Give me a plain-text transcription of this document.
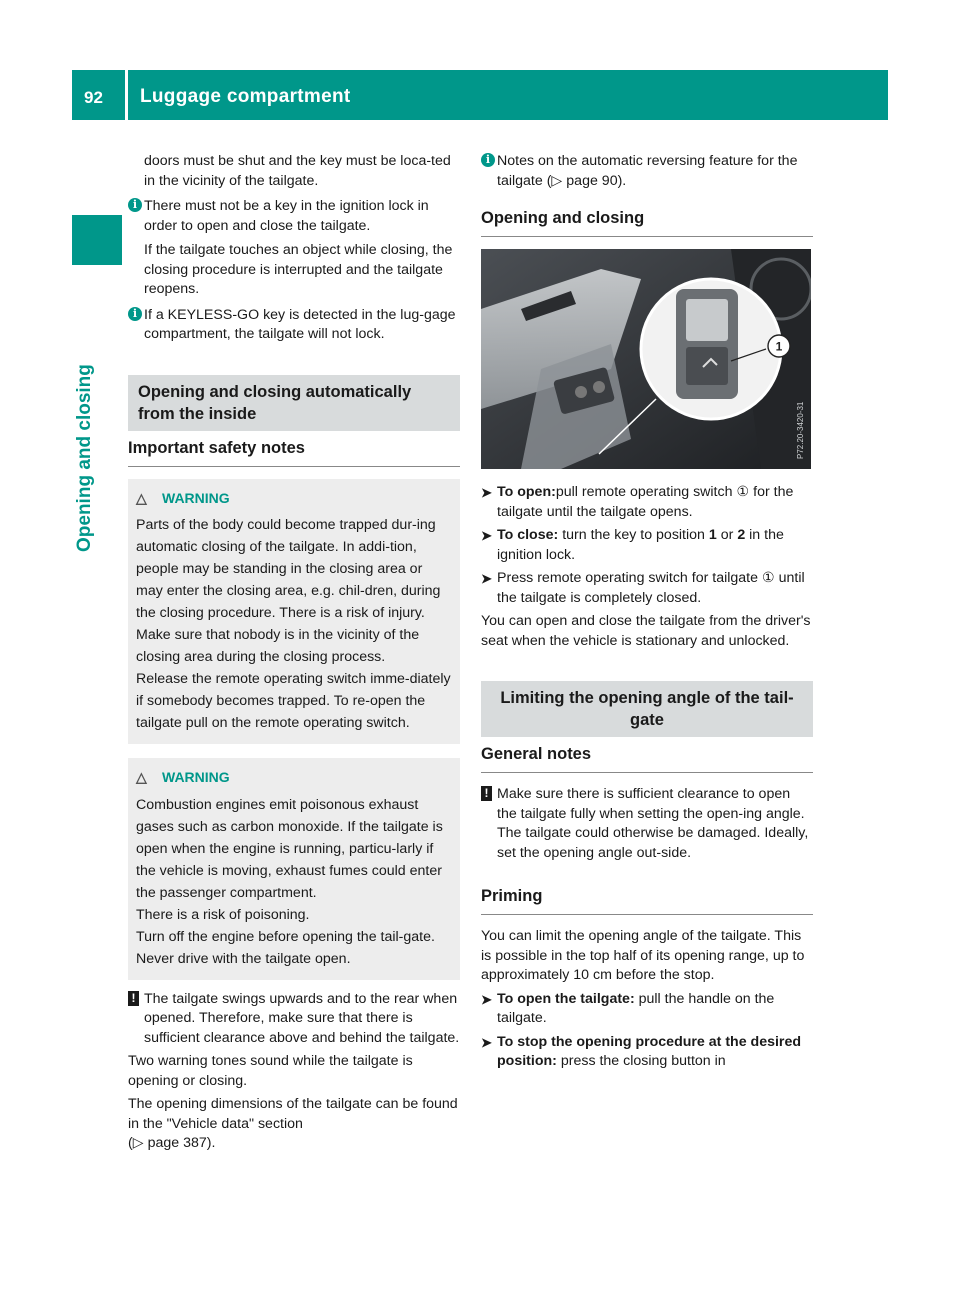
92 Luggage compartment
Opening and closing

doors must be shut and the key must be loca-ted in the vicinity of the tailgate.

i There must not be a key in the ignition lock in order to open and close the tailgate.

If the tailgate touches an object while closing, the closing procedure is interrupted and the tailgate reopens.

i If a KEYLESS-GO key is detected in the lug-gage compartment, the tailgate will not lock.

Opening and closing automatically from the inside
Important safety notes
△ WARNING

Parts of the body could become trapped dur-ing automatic closing of the tailgate. In addi-tion, people may be standing in the closing area or may enter the closing area, e.g. chil-dren, during the closing procedure. There is a risk of injury.

Make sure that nobody is in the vicinity of the closing area during the closing process.

Release the remote operating switch imme-diately if somebody becomes trapped. To re-open the tailgate pull on the remote operating switch.

△ WARNING

Combustion engines emit poisonous exhaust gases such as carbon monoxide. If the tailgate is open when the engine is running, particu-larly if the vehicle is moving, exhaust fumes could enter the passenger compartment.

There is a risk of poisoning.

Turn off the engine before opening the tail-gate. Never drive with the tailgate open.

! The tailgate swings upwards and to the rear when opened. Therefore, make sure that there is sufficient clearance above and behind the tailgate.

Two warning tones sound while the tailgate is opening or closing.

The opening dimensions of the tailgate can be found in the "Vehicle data" section
(▷ page 387).

i Notes on the automatic reversing feature for the tailgate (▷ page 90).

Opening and closing
1
P72.20-3420-31
➤ To open:pull remote operating switch ① for the tailgate until the tailgate opens.

➤ To close: turn the key to position 1 or 2 in the ignition lock.

➤ Press remote operating switch for tailgate ① until the tailgate is completely closed.

You can open and close the tailgate from the driver's seat when the vehicle is stationary and unlocked.

Limiting the opening angle of the tail-gate
General notes
! Make sure there is sufficient clearance to open the tailgate fully when setting the open-ing angle. The tailgate could otherwise be damaged. Ideally, set the opening angle out-side.

Priming

You can limit the opening angle of the tailgate. This is possible in the top half of its opening range, up to approximately 10 cm before the stop.

➤ To open the tailgate: pull the handle on the tailgate.

➤ To stop the opening procedure at the desired position: press the closing button in
